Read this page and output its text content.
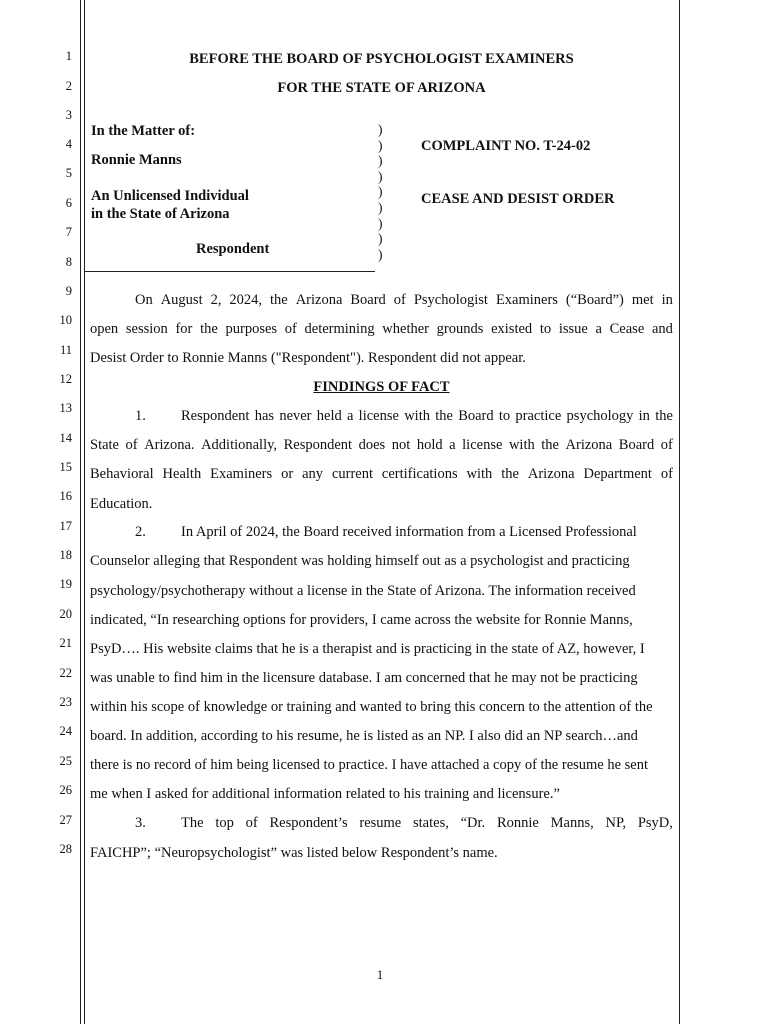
1
2
3
4
5
6
7
8
9
10
11
12
13
14
15
16
17
18
19
20
21
22
23
24
25
26
27
28
BEFORE THE BOARD OF PSYCHOLOGIST EXAMINERS
FOR THE STATE OF ARIZONA
In the Matter of:
Ronnie Manns
An Unlicensed Individual
in the State of Arizona
Respondent
)
)
)
)
)
)
)
)
)
COMPLAINT NO. T-24-02
CEASE AND DESIST ORDER
On August 2, 2024, the Arizona Board of Psychologist Examiners (“Board”) met in
open session for the purposes of determining whether grounds existed to issue a Cease and
Desist Order to Ronnie Manns ("Respondent"). Respondent did not appear.
FINDINGS OF FACT
1. Respondent has never held a license with the Board to practice psychology in the
State of Arizona. Additionally, Respondent does not hold a license with the Arizona Board of
Behavioral Health Examiners or any current certifications with the Arizona Department of
Education.
2. In April of 2024, the Board received information from a Licensed Professional
Counselor alleging that Respondent was holding himself out as a psychologist and practicing
psychology/psychotherapy without a license in the State of Arizona. The information received
indicated, “In researching options for providers, I came across the website for Ronnie Manns,
PsyD…. His website claims that he is a therapist and is practicing in the state of AZ, however, I
was unable to find him in the licensure database. I am concerned that he may not be practicing
within his scope of knowledge or training and wanted to bring this concern to the attention of the
board. In addition, according to his resume, he is listed as an NP. I also did an NP search…and
there is no record of him being licensed to practice. I have attached a copy of the resume he sent
me when I asked for additional information related to his training and licensure.”
3. The top of Respondent’s resume states, “Dr. Ronnie Manns, NP, PsyD,
FAICHP”; “Neuropsychologist” was listed below Respondent’s name.
1
